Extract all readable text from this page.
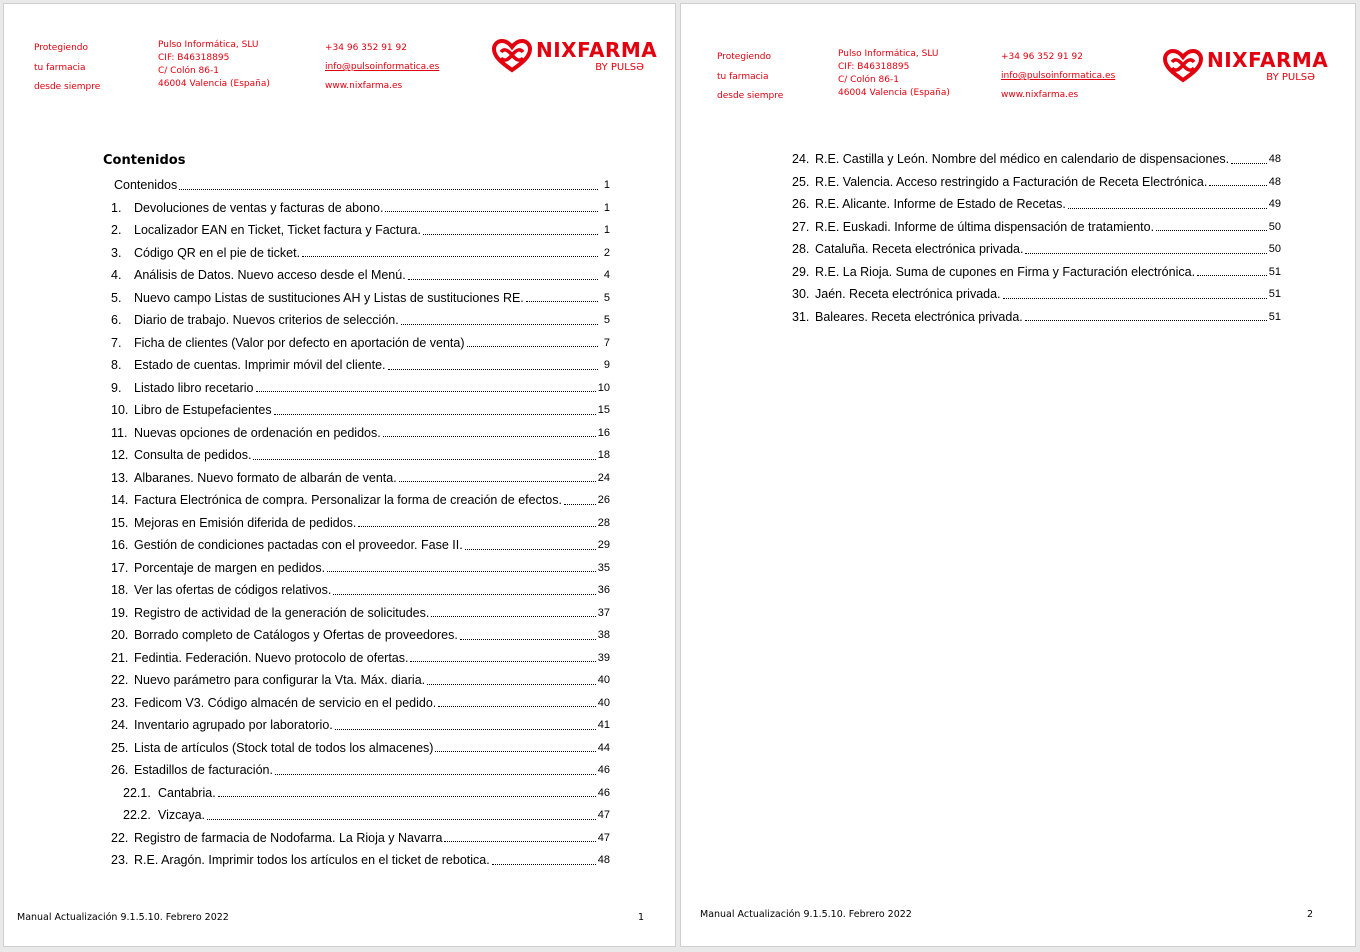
Protegiendo
tu farmacia
desde siempre
Pulso Informática, SLU
CIF: B46318895
C/ Colón 86-1
46004 Valencia (España)
+34 96 352 91 92
info@pulsoinformatica.es
www.nixfarma.es
NIXFARMA
BY PULSƏ
Contenidos
Contenidos	1
1.	Devoluciones de ventas y facturas de abono.	1
2.	Localizador EAN en Ticket, Ticket factura y Factura.	1
3.	Código QR en el pie de ticket.	2
4.	Análisis de Datos. Nuevo acceso desde el Menú.	4
5.	Nuevo campo Listas de sustituciones AH y Listas de sustituciones RE.	5
6.	Diario de trabajo. Nuevos criterios de selección.	5
7.	Ficha de clientes (Valor por defecto en aportación de venta)	7
8.	Estado de cuentas. Imprimir móvil del cliente.	9
9.	Listado libro recetario	10
10. Libro de Estupefacientes	15
11. Nuevas opciones de ordenación en pedidos.	16
12. Consulta de pedidos.	18
13. Albaranes. Nuevo formato de albarán de venta.	24
14. Factura Electrónica de compra. Personalizar la forma de creación de efectos.	26
15. Mejoras en Emisión diferida de pedidos.	28
16. Gestión de condiciones pactadas con el proveedor. Fase II.	29
17. Porcentaje de margen en pedidos.	35
18. Ver las ofertas de códigos relativos.	36
19. Registro de actividad de la generación de solicitudes.	37
20. Borrado completo de Catálogos y Ofertas de proveedores.	38
21. Fedintia. Federación. Nuevo protocolo de ofertas.	39
22. Nuevo parámetro para configurar la Vta. Máx. diaria.	40
23. Fedicom V3. Código almacén de servicio en el pedido.	40
24. Inventario agrupado por laboratorio.	41
25. Lista de artículos (Stock total de todos los almacenes)	44
26. Estadillos de facturación.	46
22.1. Cantabria.	46
22.2. Vizcaya.	47
22. Registro de farmacia de Nodofarma. La Rioja y Navarra	47
23. R.E. Aragón. Imprimir todos los artículos en el ticket de rebotica.	48
Manual Actualización 9.1.5.10. Febrero 2022	1
Protegiendo
tu farmacia
desde siempre
Pulso Informática, SLU
CIF: B46318895
C/ Colón 86-1
46004 Valencia (España)
+34 96 352 91 92
info@pulsoinformatica.es
www.nixfarma.es
NIXFARMA
BY PULSƏ
24. R.E. Castilla y León. Nombre del médico en calendario de dispensaciones.	48
25. R.E. Valencia. Acceso restringido a Facturación de Receta Electrónica.	48
26. R.E. Alicante. Informe de Estado de Recetas.	49
27. R.E. Euskadi. Informe de última dispensación de tratamiento.	50
28. Cataluña. Receta electrónica privada.	50
29. R.E. La Rioja. Suma de cupones en Firma y Facturación electrónica.	51
30. Jaén. Receta electrónica privada.	51
31. Baleares. Receta electrónica privada.	51
Manual Actualización 9.1.5.10. Febrero 2022	2
